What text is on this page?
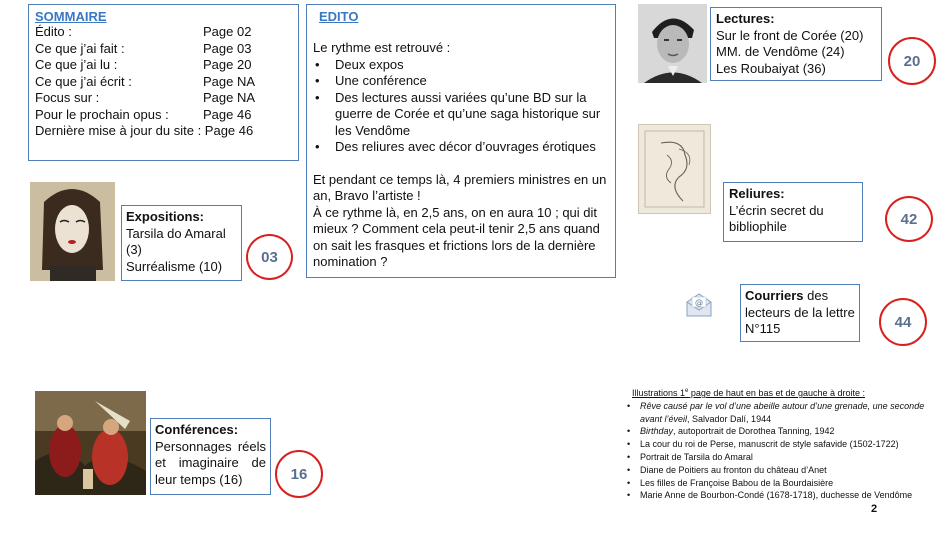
SOMMAIRE
Édito :	Page 02
Ce que j’ai fait :	Page 03
Ce que j’ai lu :	Page 20
Ce que j’ai écrit :	Page NA
Focus sur :	Page NA
Pour le prochain opus :	Page 46
Dernière mise à jour du site : Page 46
EDITO
Le rythme est retrouvé :
• Deux expos
• Une conférence
• Des lectures aussi variées qu’une BD sur la guerre de Corée et qu’une saga historique sur les Vendôme
• Des reliures avec décor d’ouvrages érotiques
Et pendant ce temps là, 4 premiers ministres en un an, Bravo l’artiste !
À ce rythme là, en 2,5 ans, on en aura 10 ; qui dit mieux ? Comment cela peut-il tenir 2,5 ans quand on sait les frasques et frictions lors de la dernière nomination ?
Expositions:
Tarsila do Amaral (3)
Surréalisme (10)
03
Conférences:
Personnages réels et imaginaire de leur temps (16)	16
Lectures:
Sur le front de Corée (20)
MM. de Vendôme (24)
Les Roubaiyat (36)	20
Reliures:
L’écrin secret du bibliophile	42
@	Courriers des lecteurs de la lettre N°115	44
Illustrations 1e page de haut en bas et de gauche à droite :
• Rêve causé par le vol d’une abeille autour d’une grenade, une seconde avant l’éveil, Salvador Dalí, 1944
• Birthday, autoportrait de Dorothea Tanning, 1942
• La cour du roi de Perse, manuscrit de style safavide (1502-1722)
• Portrait de Tarsila do Amaral
• Diane de Poitiers au fronton du château d’Anet
• Les filles de Françoise Babou de la Bourdaisière
• Marie Anne de Bourbon-Condé (1678-1718), duchesse de Vendôme
2
